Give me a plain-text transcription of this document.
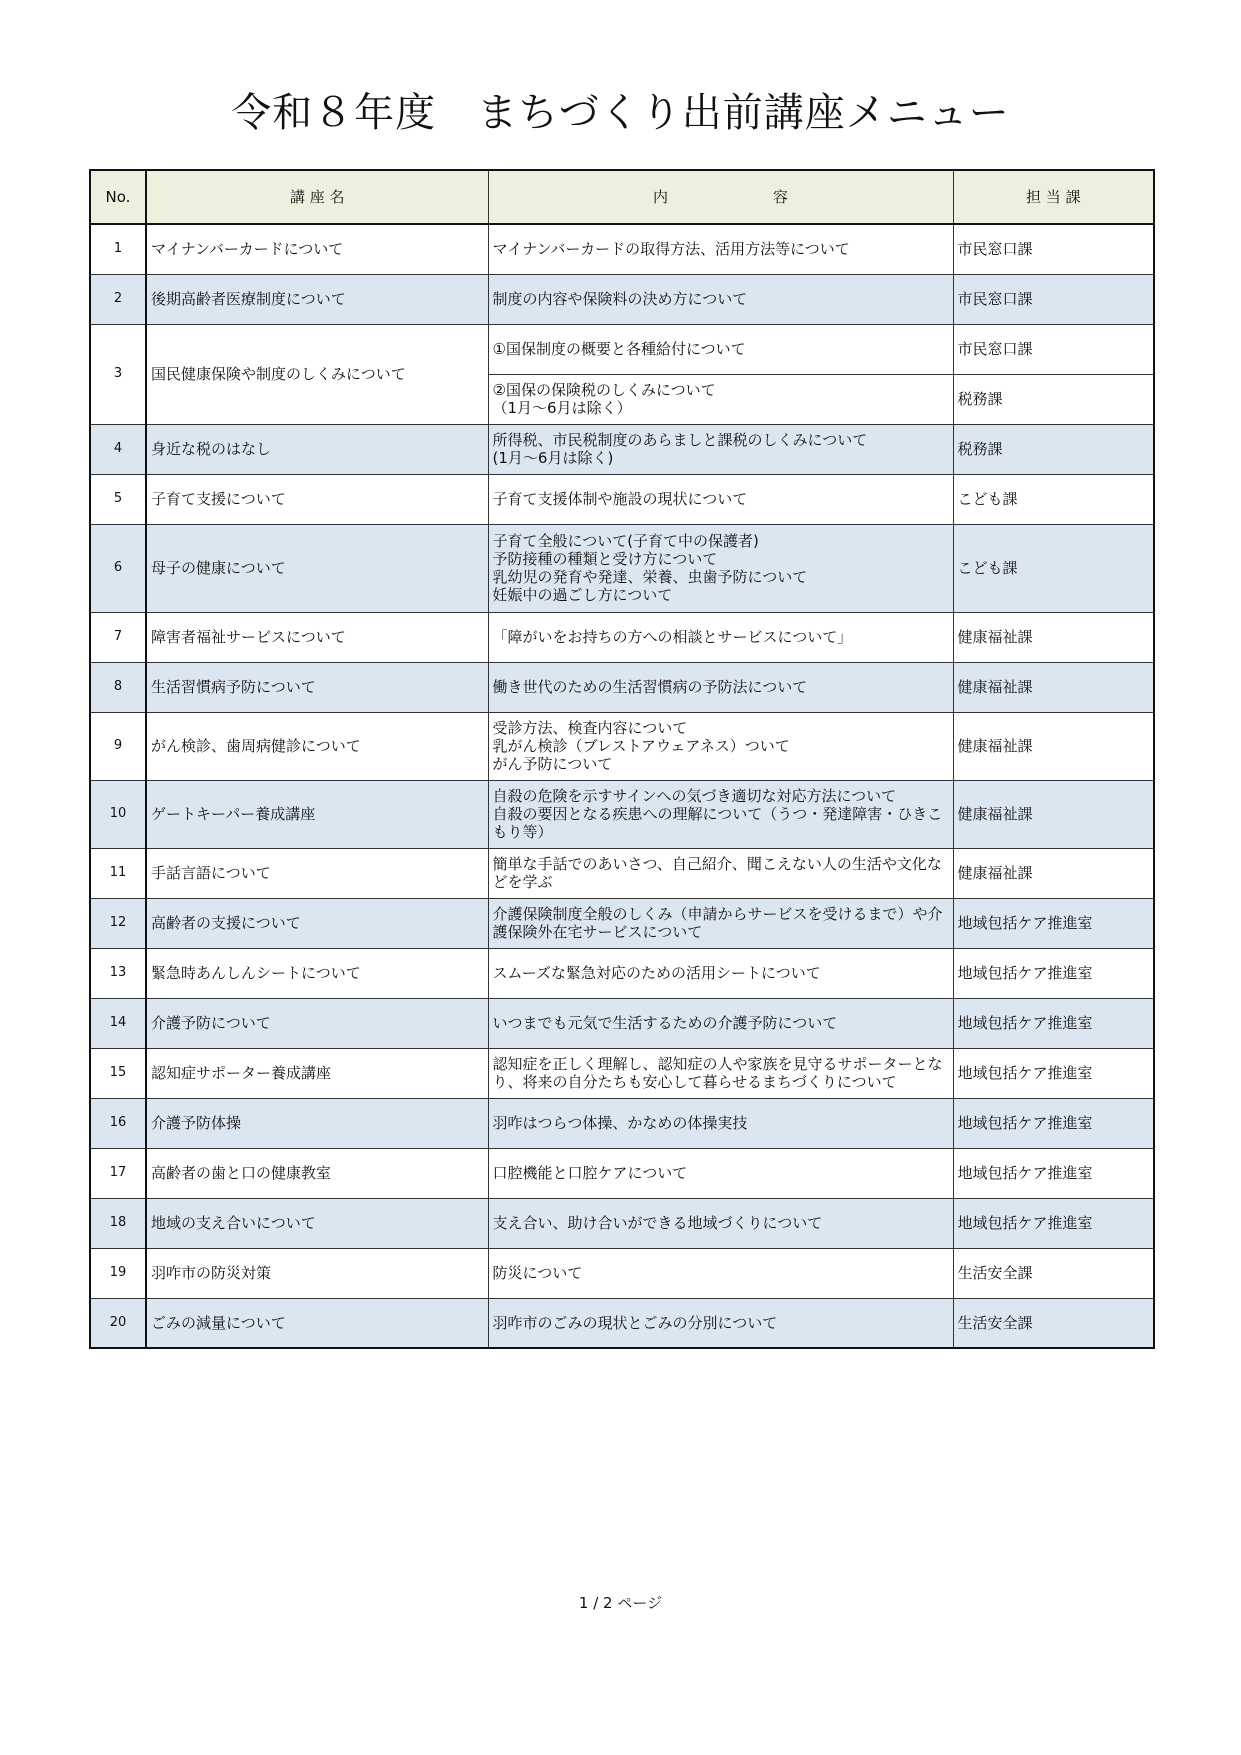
令和８年度　まちづくり出前講座メニュー
No.	講 座 名	内　　　　　　　容	担 当 課
1	マイナンバーカードについて	マイナンバーカードの取得方法、活用方法等について	市民窓口課
2	後期高齢者医療制度について	制度の内容や保険料の決め方について	市民窓口課
3	国民健康保険や制度のしくみについて	①国保制度の概要と各種給付について	市民窓口課
		②国保の保険税のしくみについて
（1月～6月は除く）	税務課
4	身近な税のはなし	所得税、市民税制度のあらましと課税のしくみについて
(1月～6月は除く)	税務課
5	子育て支援について	子育て支援体制や施設の現状について	こども課
6	母子の健康について	子育て全般について(子育て中の保護者)
予防接種の種類と受け方について
乳幼児の発育や発達、栄養、虫歯予防について
妊娠中の過ごし方について	こども課
7	障害者福祉サービスについて	「障がいをお持ちの方への相談とサービスについて」	健康福祉課
8	生活習慣病予防について	働き世代のための生活習慣病の予防法について	健康福祉課
9	がん検診、歯周病健診について	受診方法、検査内容について
乳がん検診（ブレストアウェアネス）ついて
がん予防について	健康福祉課
10	ゲートキーパー養成講座	自殺の危険を示すサインへの気づき適切な対応方法について
自殺の要因となる疾患への理解について（うつ・発達障害・ひきこもり等）	健康福祉課
11	手話言語について	簡単な手話でのあいさつ、自己紹介、聞こえない人の生活や文化などを学ぶ	健康福祉課
12	高齢者の支援について	介護保険制度全般のしくみ（申請からサービスを受けるまで）や介護保険外在宅サービスについて	地域包括ケア推進室
13	緊急時あんしんシートについて	スムーズな緊急対応のための活用シートについて	地域包括ケア推進室
14	介護予防について	いつまでも元気で生活するための介護予防について	地域包括ケア推進室
15	認知症サポーター養成講座	認知症を正しく理解し、認知症の人や家族を見守るサポーターとなり、将来の自分たちも安心して暮らせるまちづくりについて	地域包括ケア推進室
16	介護予防体操	羽咋はつらつ体操、かなめの体操実技	地域包括ケア推進室
17	高齢者の歯と口の健康教室	口腔機能と口腔ケアについて	地域包括ケア推進室
18	地域の支え合いについて	支え合い、助け合いができる地域づくりについて	地域包括ケア推進室
19	羽咋市の防災対策	防災について	生活安全課
20	ごみの減量について	羽咋市のごみの現状とごみの分別について	生活安全課
1 / 2 ページ
